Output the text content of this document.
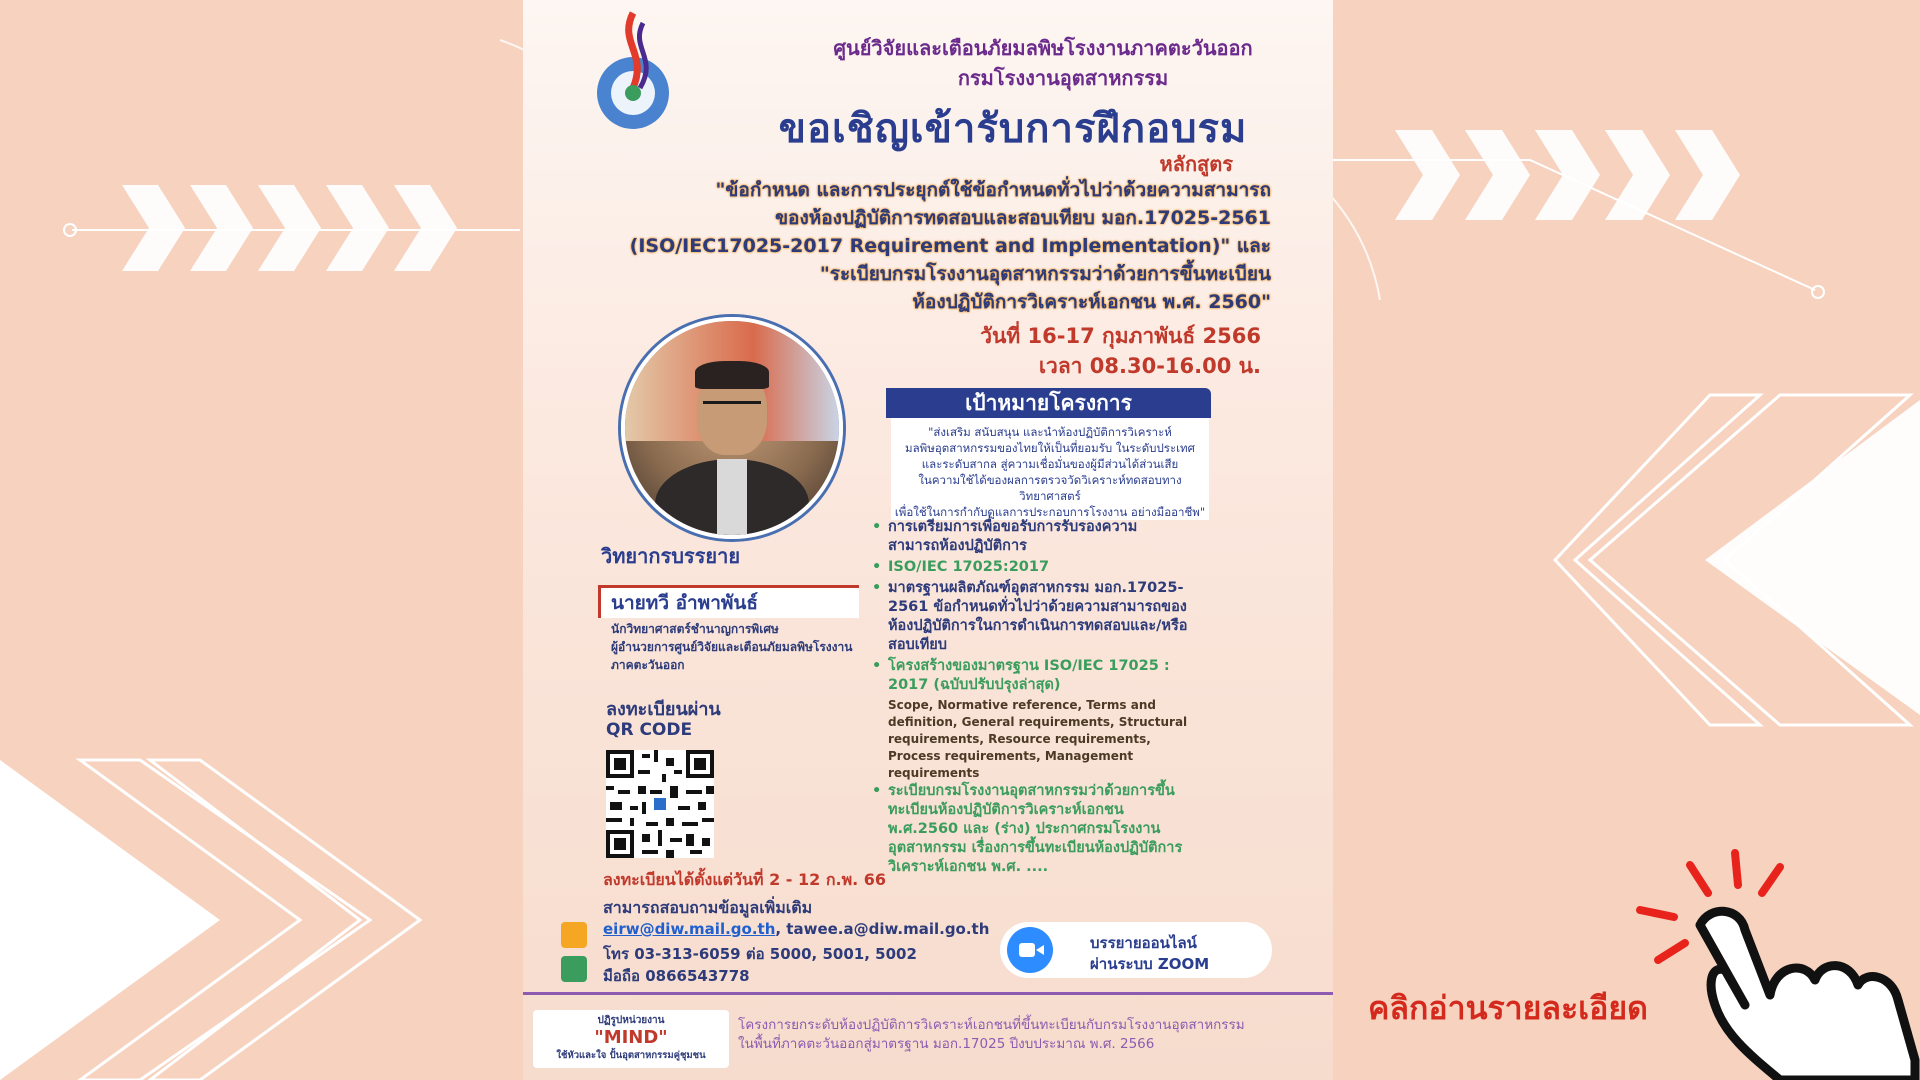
ศูนย์วิจัยและเตือนภัยมลพิษโรงงานภาคตะวันออก
กรมโรงงานอุตสาหกรรม
ขอเชิญเข้ารับการฝึกอบรม
หลักสูตร
"ข้อกำหนด และการประยุกต์ใช้ข้อกำหนดทั่วไปว่าด้วยความสามารถ
ของห้องปฏิบัติการทดสอบและสอบเทียบ มอก.17025-2561
(ISO/IEC17025-2017 Requirement and Implementation)" และ
"ระเบียบกรมโรงงานอุตสาหกรรมว่าด้วยการขึ้นทะเบียน
ห้องปฏิบัติการวิเคราะห์เอกชน พ.ศ. 2560"
วันที่ 16-17 กุมภาพันธ์ 2566
เวลา 08.30-16.00 น.
เป้าหมายโครงการ
"ส่งเสริม สนับสนุน และนำห้องปฏิบัติการวิเคราะห์
มลพิษอุตสาหกรรมของไทยให้เป็นที่ยอมรับ ในระดับประเทศ
และระดับสากล สู่ความเชื่อมั่นของผู้มีส่วนได้ส่วนเสีย
ในความใช้ได้ของผลการตรวจวัดวิเคราะห์ทดสอบทางวิทยาศาสตร์
เพื่อใช้ในการกำกับดูแลการประกอบการโรงงาน อย่างมืออาชีพ"
วิทยากรบรรยาย
นายทวี อำพาพันธ์
นักวิทยาศาสตร์ชำนาญการพิเศษ
ผู้อำนวยการศูนย์วิจัยและเตือนภัยมลพิษโรงงาน
ภาคตะวันออก
ลงทะเบียนผ่าน
QR CODE
ลงทะเบียนได้ตั้งแต่วันที่ 2 - 12 ก.พ. 66
สามารถสอบถามข้อมูลเพิ่มเติม
eirw@diw.mail.go.th, tawee.a@diw.mail.go.th
โทร 03-313-6059 ต่อ 5000, 5001, 5002
มือถือ 0866543778
• การเตรียมการเพื่อขอรับการรับรองความสามารถห้องปฏิบัติการ
• ISO/IEC 17025:2017
• มาตรฐานผลิตภัณฑ์อุตสาหกรรม มอก.17025-2561 ข้อกำหนดทั่วไปว่าด้วยความสามารถของห้องปฏิบัติการในการดำเนินการทดสอบและ/หรือสอบเทียบ
• โครงสร้างของมาตรฐาน ISO/IEC 17025 : 2017 (ฉบับปรับปรุงล่าสุด)
Scope, Normative reference, Terms and definition, General requirements, Structural requirements, Resource requirements, Process requirements, Management requirements
• ระเบียบกรมโรงงานอุตสาหกรรมว่าด้วยการขึ้นทะเบียนห้องปฏิบัติการวิเคราะห์เอกชน พ.ศ.2560 และ (ร่าง) ประกาศกรมโรงงานอุตสาหกรรม เรื่องการขึ้นทะเบียนห้องปฏิบัติการวิเคราะห์เอกชน พ.ศ. ....
บรรยายออนไลน์
ผ่านระบบ ZOOM
ปฏิรูปหน่วยงาน
"MIND"
ใช้หัวและใจ ปั้นอุตสาหกรรมคู่ชุมชน
โครงการยกระดับห้องปฏิบัติการวิเคราะห์เอกชนที่ขึ้นทะเบียนกับกรมโรงงานอุตสาหกรรม
ในพื้นที่ภาคตะวันออกสู่มาตรฐาน มอก.17025 ปีงบประมาณ พ.ศ. 2566
คลิกอ่านรายละเอียด
